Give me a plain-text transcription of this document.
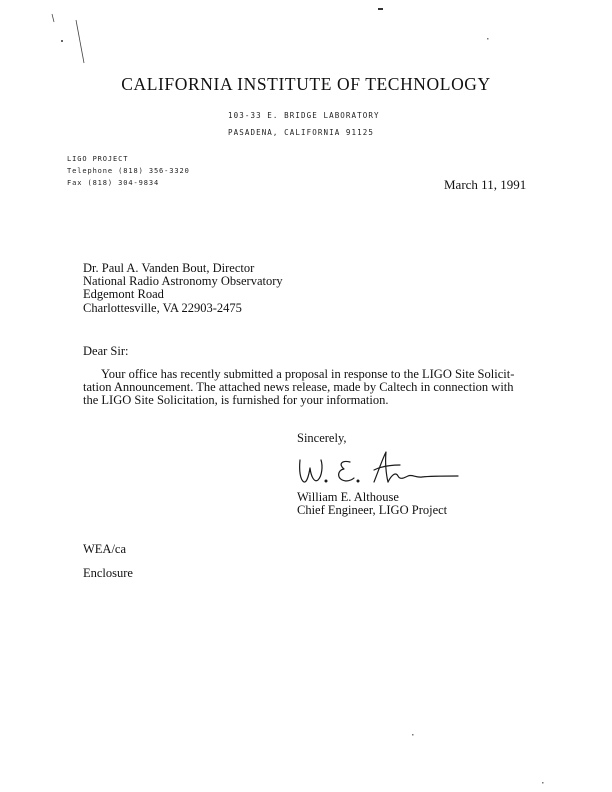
CALIFORNIA INSTITUTE OF TECHNOLOGY
103-33 E. BRIDGE LABORATORY
PASADENA, CALIFORNIA 91125
LIGO PROJECT
Telephone (818) 356-3320
Fax (818) 304-9834	March 11, 1991
Dr. Paul A. Vanden Bout, Director
National Radio Astronomy Observatory
Edgemont Road
Charlottesville, VA 22903-2475
Dear Sir:
Your office has recently submitted a proposal in response to the LIGO Site Solicit-
tation Announcement. The attached news release, made by Caltech in connection with
the LIGO Site Solicitation, is furnished for your information.
Sincerely,
William E. Althouse
Chief Engineer, LIGO Project
WEA/ca
Enclosure
